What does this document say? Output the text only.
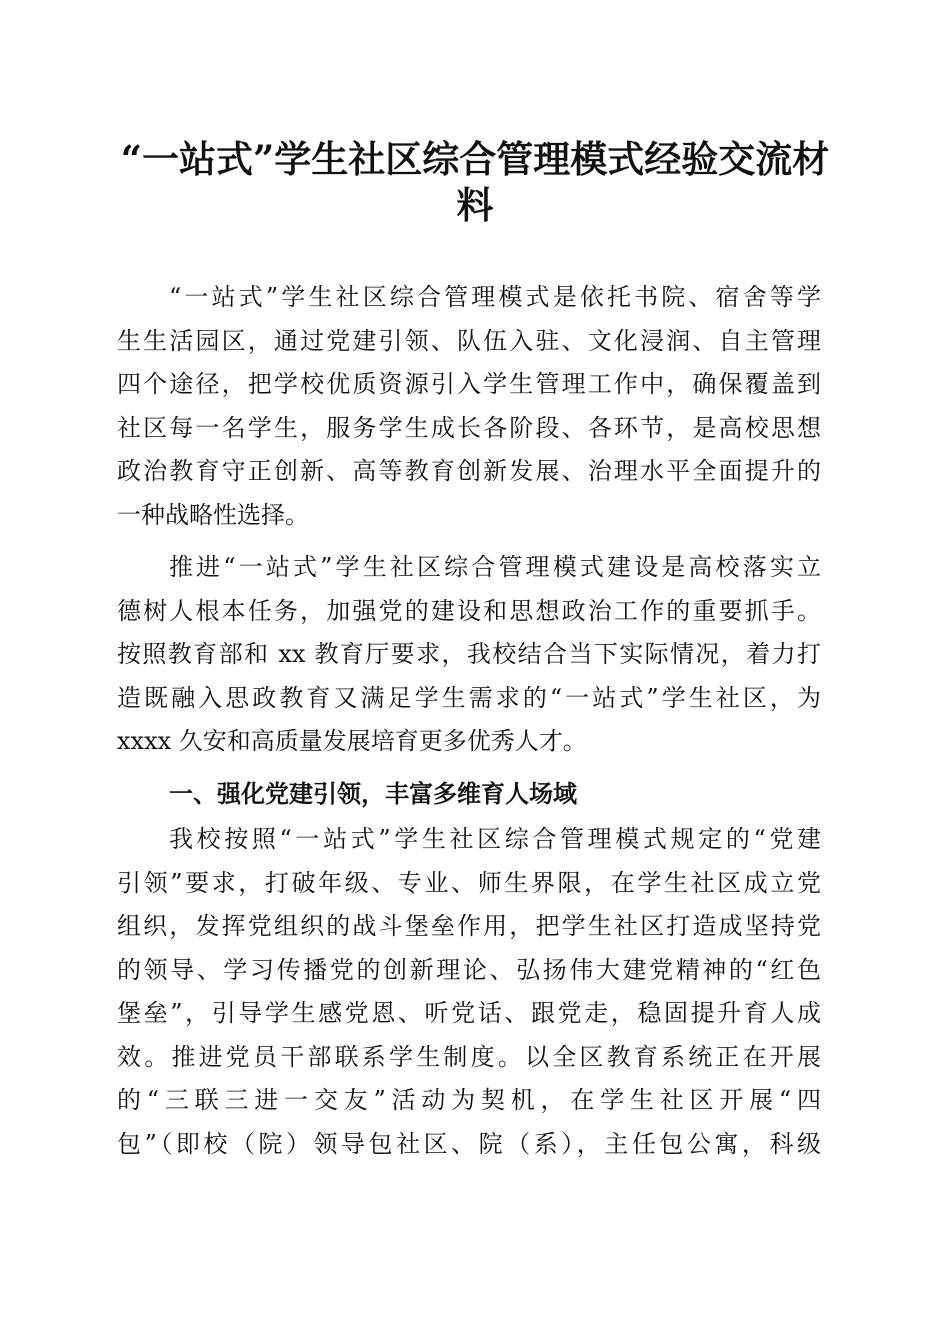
“一站式”学生社区综合管理模式经验交流材
料
“一站式”学生社区综合管理模式是依托书院、宿舍等学
生生活园区，通过党建引领、队伍入驻、文化浸润、自主管理
四个途径，把学校优质资源引入学生管理工作中，确保覆盖到
社区每一名学生，服务学生成长各阶段、各环节，是高校思想
政治教育守正创新、高等教育创新发展、治理水平全面提升的
一种战略性选择。
推进“一站式”学生社区综合管理模式建设是高校落实立
德树人根本任务，加强党的建设和思想政治工作的重要抓手。
按照教育部和 xx 教育厅要求，我校结合当下实际情况，着力打
造既融入思政教育又满足学生需求的“一站式”学生社区，为
xxxx 久安和高质量发展培育更多优秀人才。
一、强化党建引领，丰富多维育人场域
我校按照“一站式”学生社区综合管理模式规定的“党建
引领”要求，打破年级、专业、师生界限，在学生社区成立党
组织，发挥党组织的战斗堡垒作用，把学生社区打造成坚持党
的领导、学习传播党的创新理论、弘扬伟大建党精神的“红色
堡垒”，引导学生感党恩、听党话、跟党走，稳固提升育人成
效。推进党员干部联系学生制度。以全区教育系统正在开展
的“三联三进一交友”活动为契机，在学生社区开展“四
包”（即校（院）领导包社区、院（系），主任包公寓，科级
